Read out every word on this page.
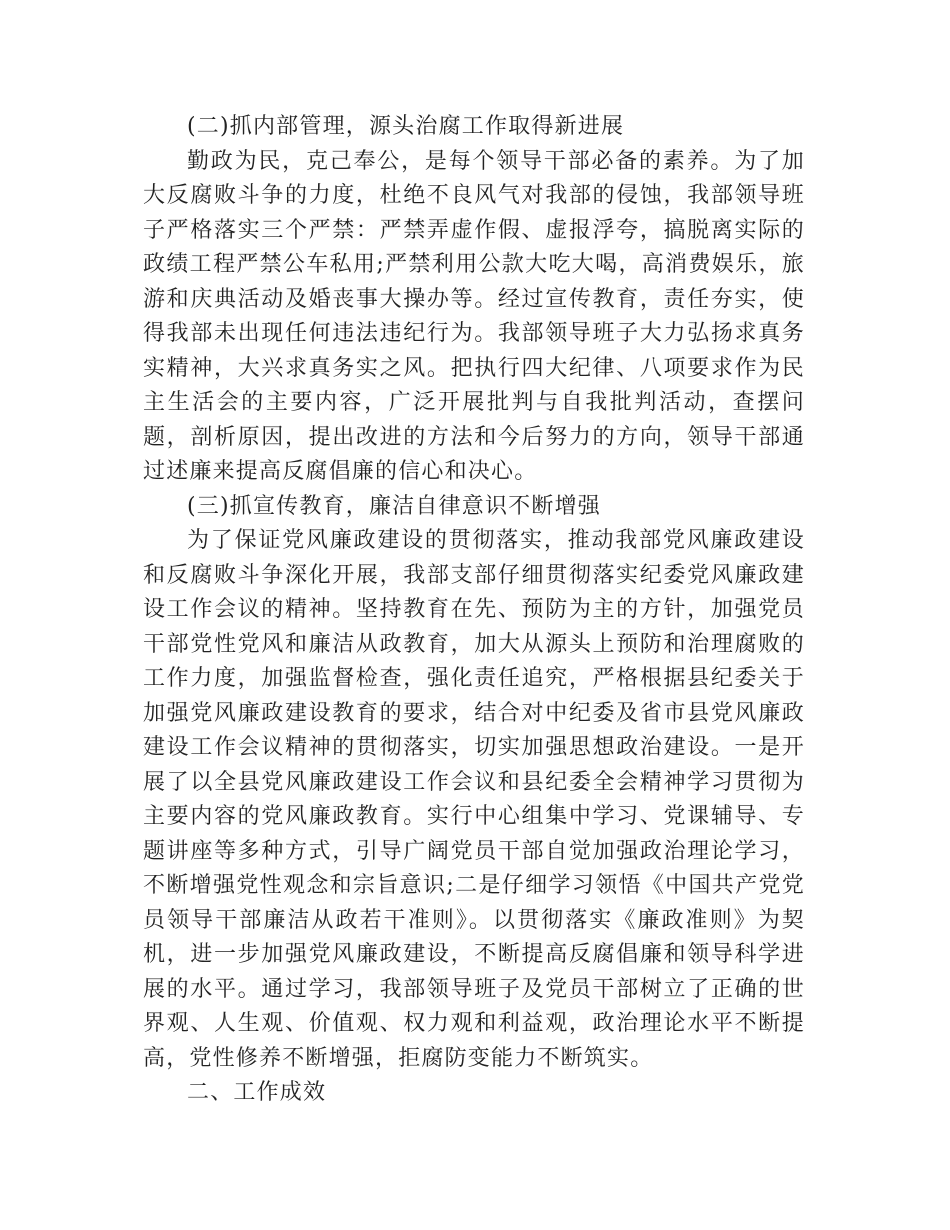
(二)抓内部管理，源头治腐工作取得新进展

勤政为民，克己奉公，是每个领导干部必备的素养。为了加大反腐败斗争的力度，杜绝不良风气对我部的侵蚀，我部领导班子严格落实三个严禁：严禁弄虚作假、虚报浮夸，搞脱离实际的政绩工程严禁公车私用;严禁利用公款大吃大喝，高消费娱乐，旅游和庆典活动及婚丧事大操办等。经过宣传教育，责任夯实，使得我部未出现任何违法违纪行为。我部领导班子大力弘扬求真务实精神，大兴求真务实之风。把执行四大纪律、八项要求作为民主生活会的主要内容，广泛开展批判与自我批判活动，查摆问题，剖析原因，提出改进的方法和今后努力的方向，领导干部通过述廉来提高反腐倡廉的信心和决心。

(三)抓宣传教育，廉洁自律意识不断增强

为了保证党风廉政建设的贯彻落实，推动我部党风廉政建设和反腐败斗争深化开展，我部支部仔细贯彻落实纪委党风廉政建设工作会议的精神。坚持教育在先、预防为主的方针，加强党员干部党性党风和廉洁从政教育，加大从源头上预防和治理腐败的工作力度，加强监督检查，强化责任追究，严格根据县纪委关于加强党风廉政建设教育的要求，结合对中纪委及省市县党风廉政建设工作会议精神的贯彻落实，切实加强思想政治建设。一是开展了以全县党风廉政建设工作会议和县纪委全会精神学习贯彻为主要内容的党风廉政教育。实行中心组集中学习、党课辅导、专题讲座等多种方式，引导广阔党员干部自觉加强政治理论学习，不断增强党性观念和宗旨意识;二是仔细学习领悟《中国共产党党员领导干部廉洁从政若干准则》。以贯彻落实《廉政准则》为契机，进一步加强党风廉政建设，不断提高反腐倡廉和领导科学进展的水平。通过学习，我部领导班子及党员干部树立了正确的世界观、人生观、价值观、权力观和利益观，政治理论水平不断提高，党性修养不断增强，拒腐防变能力不断筑实。

二、工作成效
